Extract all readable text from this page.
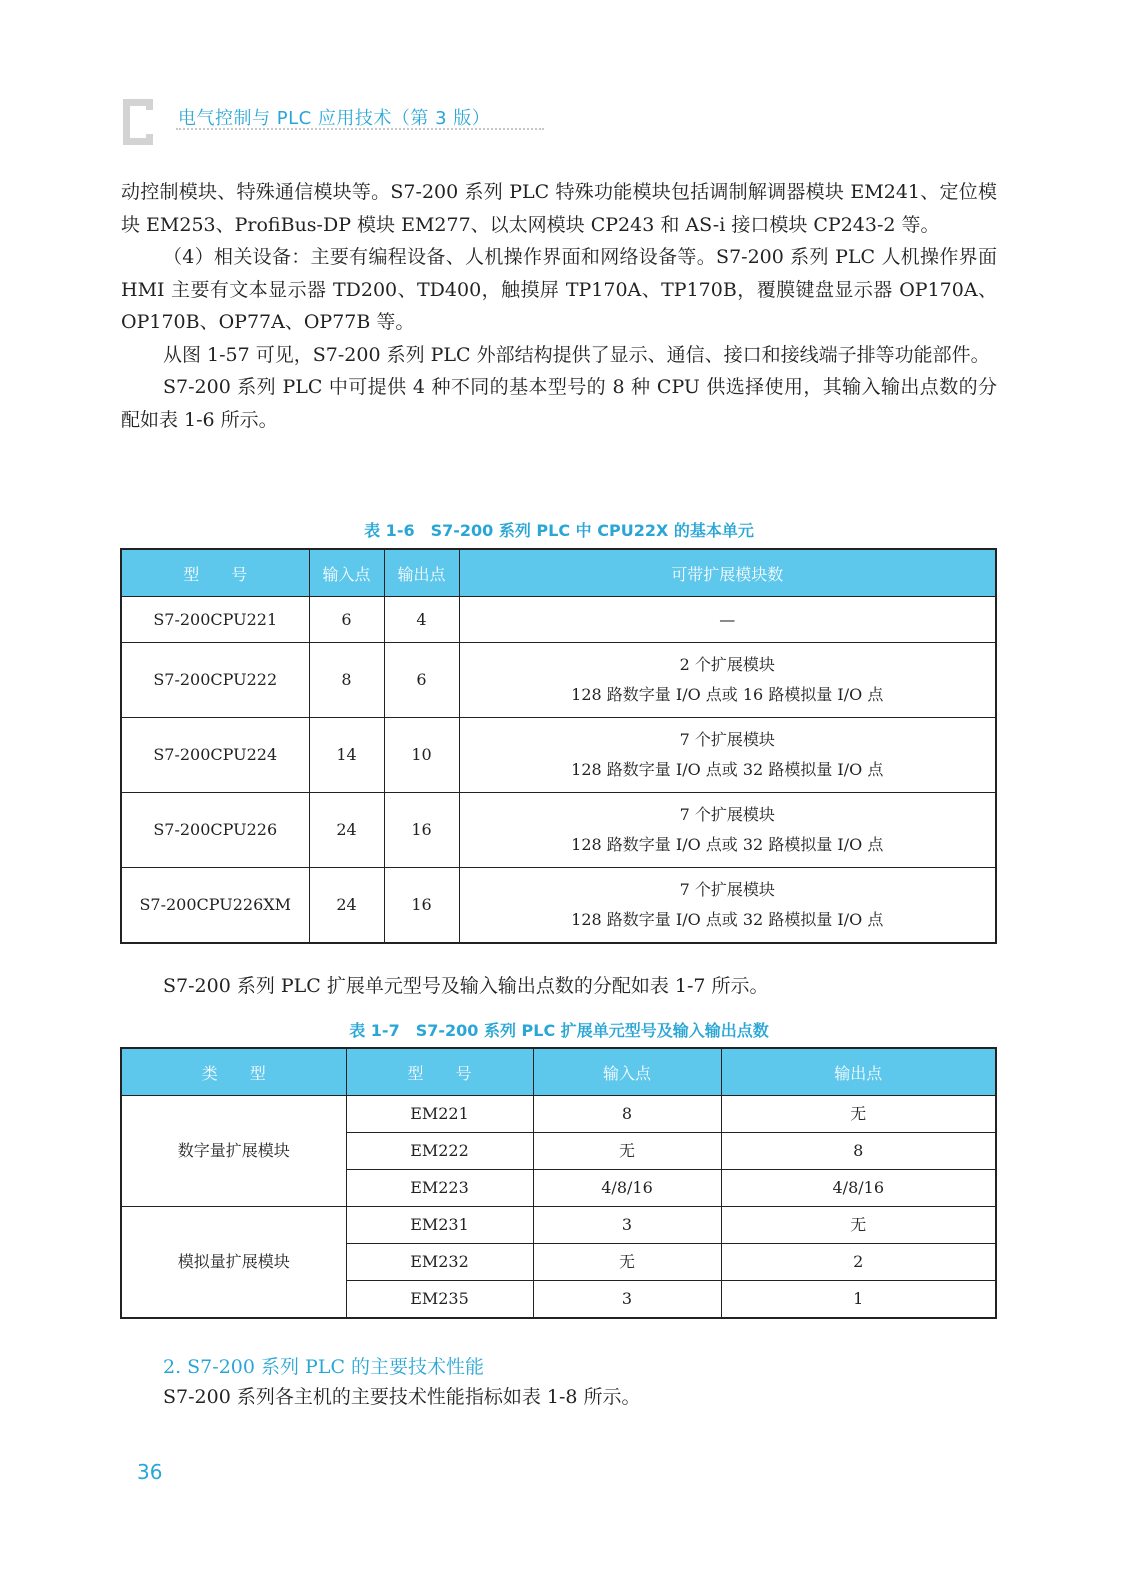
电气控制与 PLC 应用技术（第 3 版）

动控制模块、特殊通信模块等。S7-200 系列 PLC 特殊功能模块包括调制解调器模块 EM241、定位模块 EM253、ProfiBus-DP 模块 EM277、以太网模块 CP243 和 AS-i 接口模块 CP243-2 等。

（4）相关设备：主要有编程设备、人机操作界面和网络设备等。S7-200 系列 PLC 人机操作界面 HMI 主要有文本显示器 TD200、TD400，触摸屏 TP170A、TP170B，覆膜键盘显示器 OP170A、OP170B、OP77A、OP77B 等。

从图 1-57 可见，S7-200 系列 PLC 外部结构提供了显示、通信、接口和接线端子排等功能部件。

S7-200 系列 PLC 中可提供 4 种不同的基本型号的 8 种 CPU 供选择使用，其输入输出点数的分配如表 1-6 所示。

表 1-6　S7-200 系列 PLC 中 CPU22X 的基本单元
型　　号	输入点	输出点	可带扩展模块数
S7-200CPU221	6	4	—

S7-200CPU222	8	6	2 个扩展模块
128 路数字量 I/O 点或 16 路模拟量 I/O 点

S7-200CPU224	14	10	7 个扩展模块
128 路数字量 I/O 点或 32 路模拟量 I/O 点

S7-200CPU226	24	16	7 个扩展模块
128 路数字量 I/O 点或 32 路模拟量 I/O 点

S7-200CPU226XM	24	16	7 个扩展模块
128 路数字量 I/O 点或 32 路模拟量 I/O 点

S7-200 系列 PLC 扩展单元型号及输入输出点数的分配如表 1-7 所示。

表 1-7　S7-200 系列 PLC 扩展单元型号及输入输出点数
类　　型	型　　号	输入点	输出点
数字量扩展模块	EM221	8	无
	EM222	无	8
	EM223	4/8/16	4/8/16
模拟量扩展模块	EM231	3	无
	EM232	无	2
	EM235	3	1
2. S7-200 系列 PLC 的主要技术性能
S7-200 系列各主机的主要技术性能指标如表 1-8 所示。
36
